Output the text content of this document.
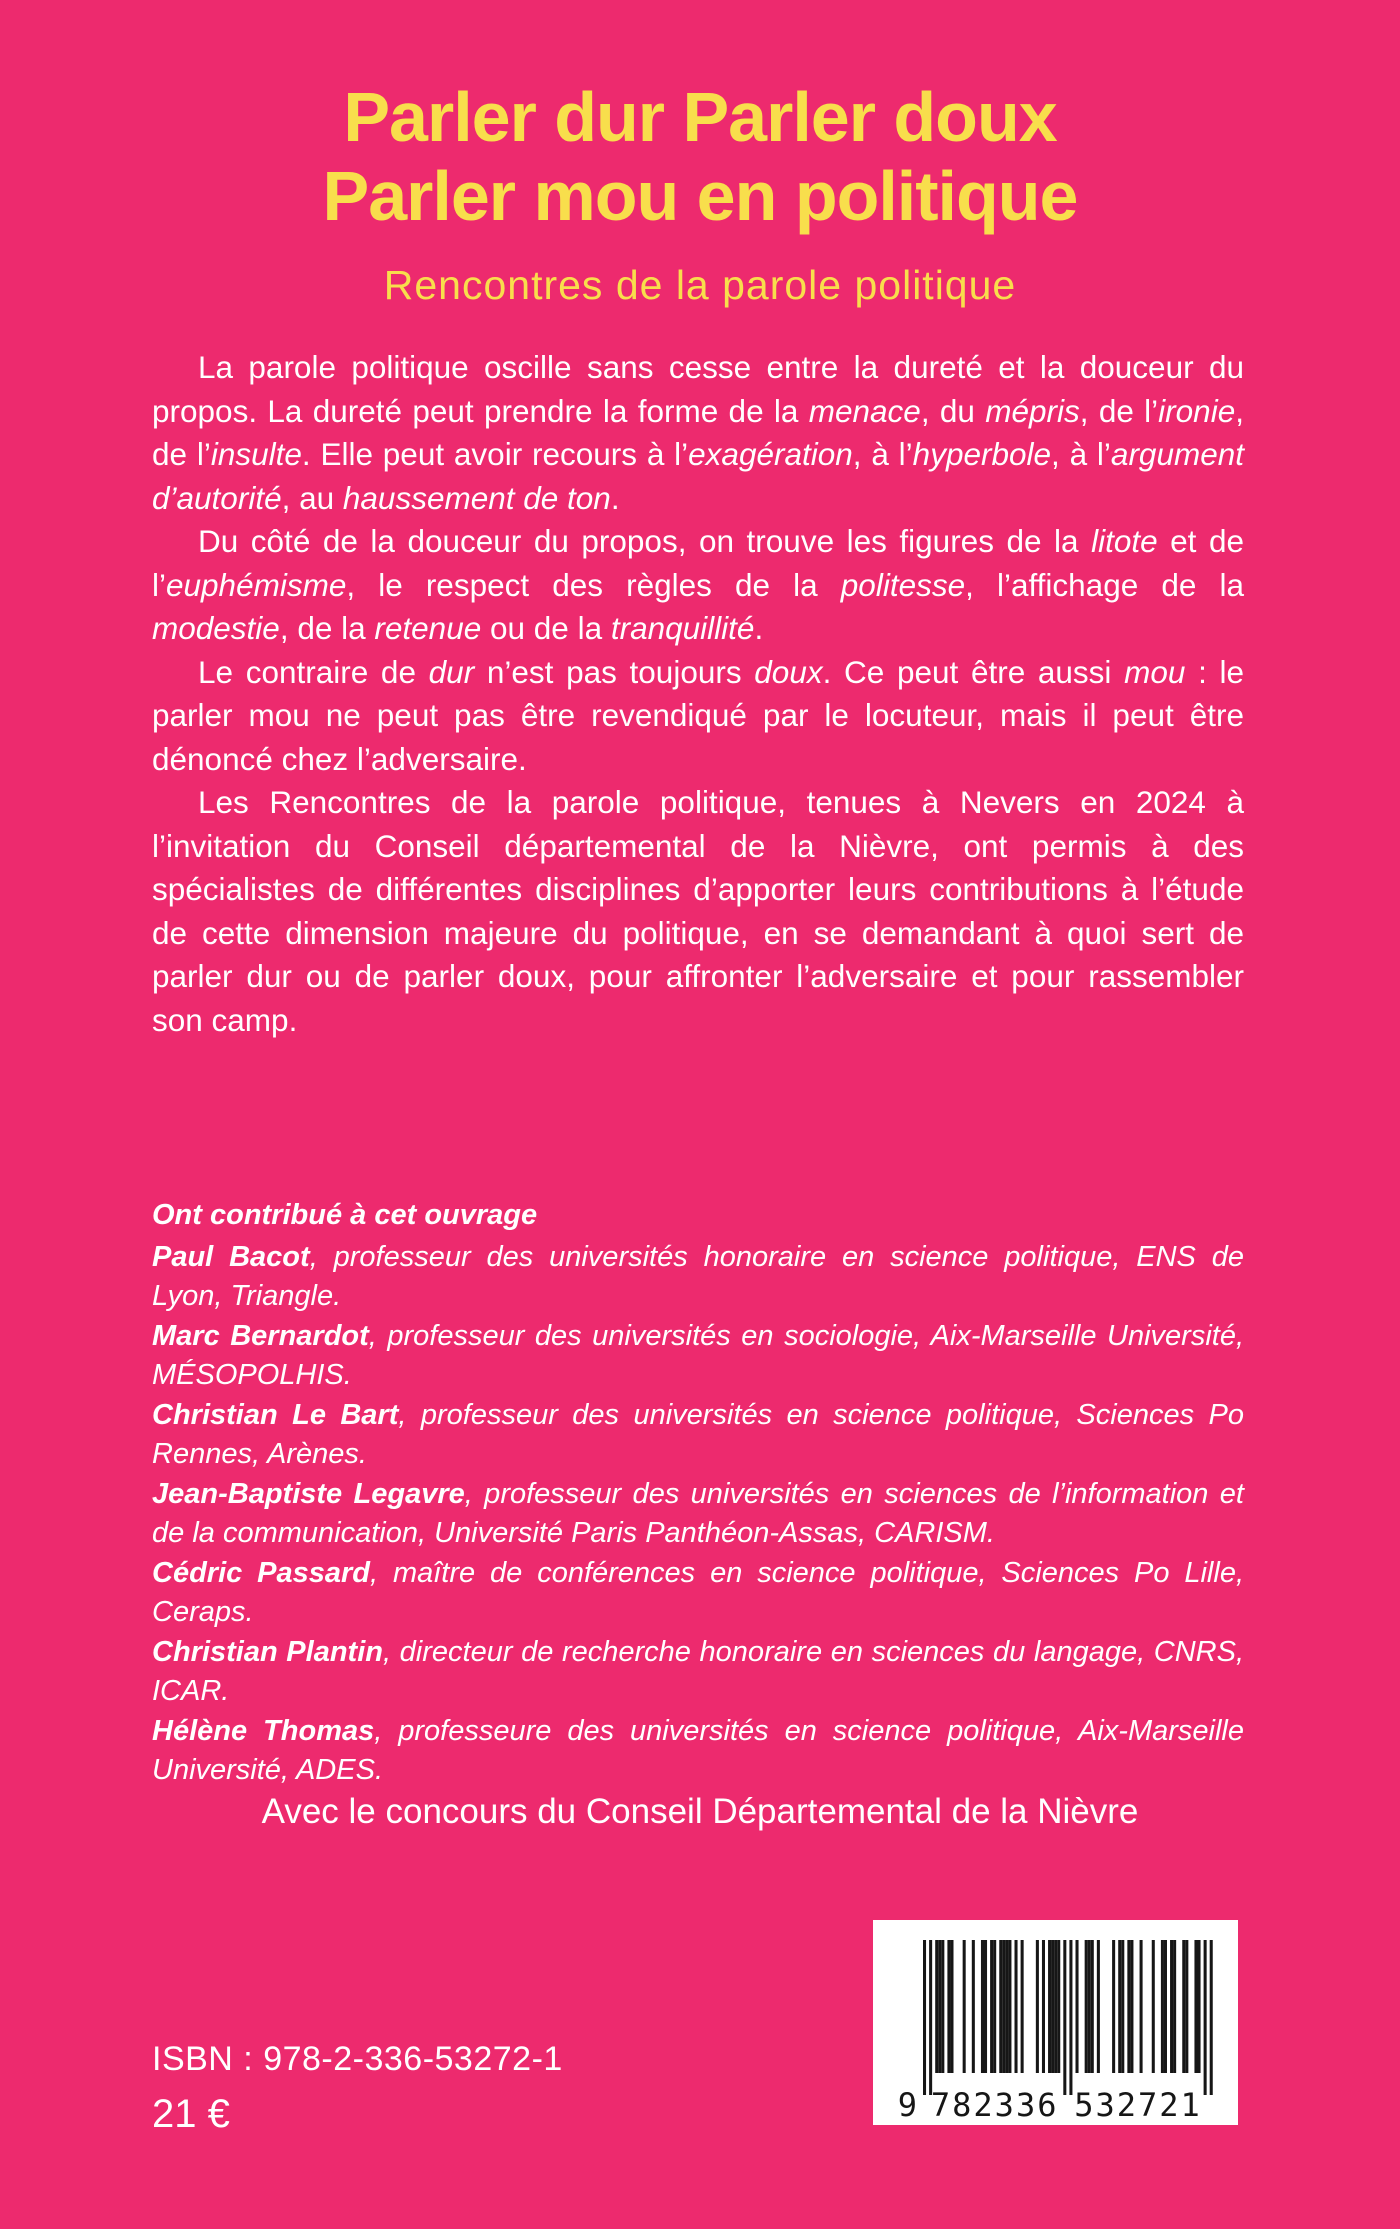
Parler dur Parler doux
Parler mou en politique
Rencontres de la parole politique

La parole politique oscille sans cesse entre la dureté et la douceur du propos. La dureté peut prendre la forme de la menace, du mépris, de l’ironie, de l’insulte. Elle peut avoir recours à l’exagération, à l’hyperbole, à l’argument d’autorité, au haussement de ton.

Du côté de la douceur du propos, on trouve les figures de la litote et de l’euphémisme, le respect des règles de la politesse, l’affichage de la modestie, de la retenue ou de la tranquillité.

Le contraire de dur n’est pas toujours doux. Ce peut être aussi mou : le parler mou ne peut pas être revendiqué par le locuteur, mais il peut être dénoncé chez l’adversaire.

Les Rencontres de la parole politique, tenues à Nevers en 2024 à l’invitation du Conseil départemental de la Nièvre, ont permis à des spécialistes de différentes disciplines d’apporter leurs contributions à l’étude de cette dimension majeure du politique, en se demandant à quoi sert de parler dur ou de parler doux, pour affronter l’adversaire et pour rassembler son camp.

Ont contribué à cet ouvrage

Paul Bacot, professeur des universités honoraire en science politique, ENS de Lyon, Triangle.

Marc Bernardot, professeur des universités en sociologie, Aix-Marseille Université, MÉSOPOLHIS.

Christian Le Bart, professeur des universités en science politique, Sciences Po Rennes, Arènes.

Jean-Baptiste Legavre, professeur des universités en sciences de l’information et de la communication, Université Paris Panthéon-Assas, CARISM.

Cédric Passard, maître de conférences en science politique, Sciences Po Lille, Ceraps.

Christian Plantin, directeur de recherche honoraire en sciences du langage, CNRS, ICAR.

Hélène Thomas, professeure des universités en science politique, Aix-Marseille Université, ADES.

Avec le concours du Conseil Départemental de la Nièvre
ISBN : 978-2-336-53272-1
21 €	9 782336 532721
